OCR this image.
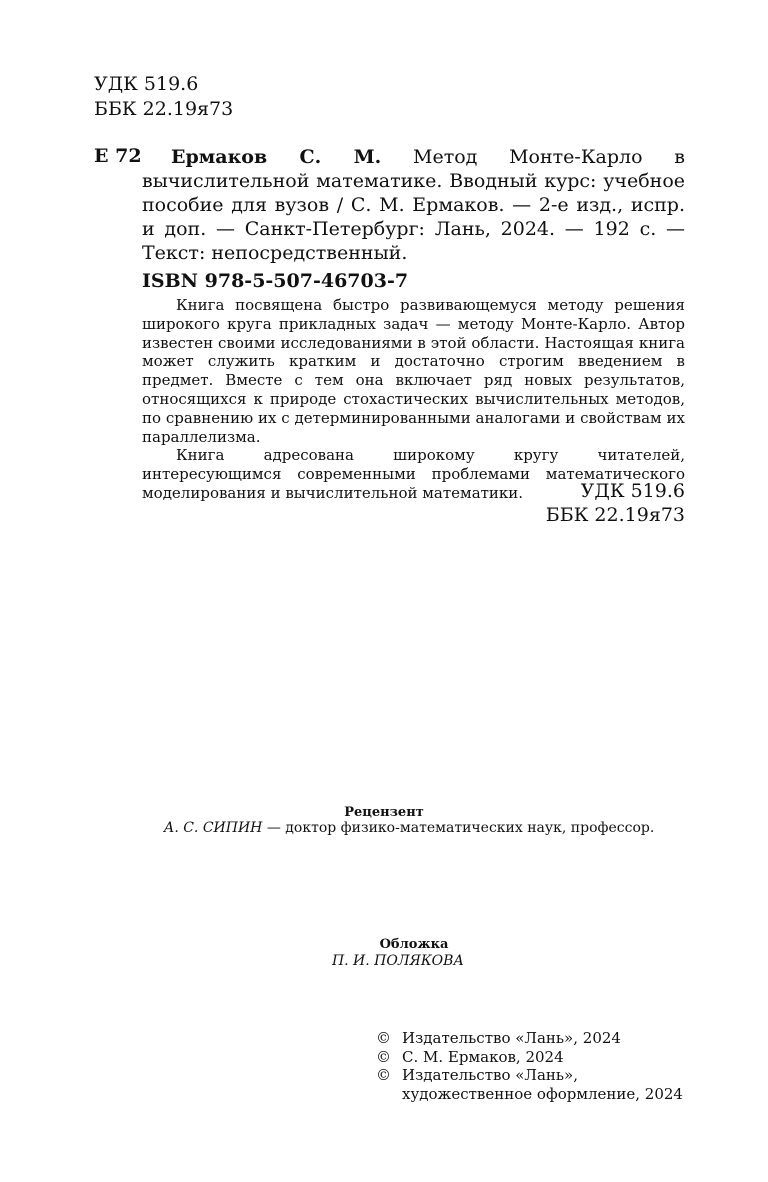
УДК 519.6
ББК 22.19я73
Е 72	Ермаков С. М. Метод Монте-Карло в вычислительной математике. Вводный курс: учебное пособие для вузов / С. М. Ермаков. — 2-е изд., испр. и доп. — Санкт-Петербург: Лань, 2024. — 192 с. — Текст: непосредственный.
ISBN 978-5-507-46703-7

Книга посвящена быстро развивающемуся методу решения широкого круга прикладных задач — методу Монте-Карло. Автор известен своими исследованиями в этой области. Настоящая книга может служить кратким и достаточно строгим введением в предмет. Вместе с тем она включает ряд новых результатов, относящихся к природе стохастических вычислительных методов, по сравнению их с детерминированными аналогами и свойствам их параллелизма.

Книга адресована широкому кругу читателей, интересующимся современными проблемами математического моделирования и вычислительной математики.	УДК 519.6
ББК 22.19я73
Рецензент
А. С. СИПИН — доктор физико-математических наук, профессор.
Обложка
П. И. ПОЛЯКОВА
© Издательство «Лань», 2024
© С. М. Ермаков, 2024
© Издательство «Лань»,
художественное оформление, 2024
